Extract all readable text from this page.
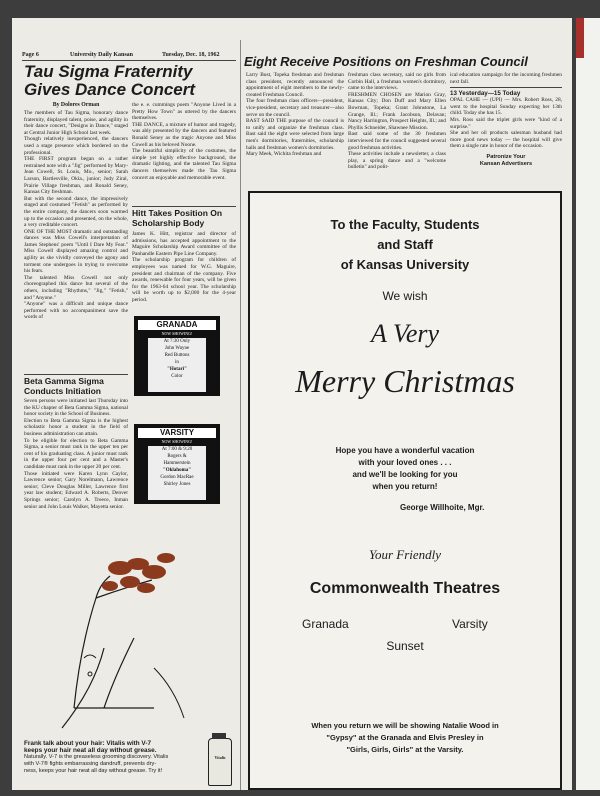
Page 6	University Daily Kansan	Tuesday, Dec. 18, 1962
Tau Sigma Fraternity Gives Dance Concert
By Dolores Orman

The members of Tau Sigma, honorary dance fraternity, displayed talent, poise, and agility in their dance concert, "Designs in Dance," staged at Central Junior High School last week.

Though relatively inexperienced, the dancers used a stage presence which bordered on the professional.

THE FIRST program began on a rather restrained note with a "Jig" performed by Mary-Jean Cowell, St. Louis, Mo., senior; Sarah Larson, Bartlesville, Okla., junior; Judy Ziral, Prairie Village freshman, and Ronald Seney, Kansas City freshman.

But with the second dance, the impressively staged and costumed "Fetish" as performed by the entire company, the dancers soon warmed up to the occasion and presented, on the whole, a very creditable concert.

ONE OF THE MOST dramatic and outstanding dances was Miss Cowell's interpretation of James Stephens' poem "Until I Dare My Fear." Miss Cowell displayed amazing control and agility as she vividly conveyed the agony and torment one undergoes in trying to overcome his fears.

The talented Miss Cowell not only choreographed this dance but several of the others, including "Rhythms," "Jig," "Fetish," and "Anyone."

"Anyone" was a difficult and unique dance performed with no accompaniment save the words of

the e. e. cummings poem "Anyone Lived in a Pretty How Town" as uttered by the dancers themselves.

THE DANCE, a mixture of humor and tragedy, was ably presented by the dancers and featured Ronald Seney as the tragic Anyone and Miss Cowell as his beloved Noone.

The beautiful simplicity of the costumes, the simple yet highly effective background, the dramatic lighting, and the talented Tau Sigma dancers themselves made the Tau Sigma concert an enjoyable and memorable event.

Hitt Takes Position On Scholarship Body

James K. Hitt, registrar and director of admissions, has accepted appointment to the Maguire Scholarship Award committee of the Panhandle Eastern Pipe Line Company.

The scholarship program for children of employees was named for W.G. Maguire, president and chairman of the company. Five awards, renewable for four years, will be given for the 1963-64 school year. The scholarship will be worth up to $2,000 for the 4-year period.

GRANADA
NOW SHOWING!
At 7:30 Only
John Wayne
Red Buttons
in
"Hotari"
Color
VARSITY
NOW SHOWING!
At 7:00 & 9:20
Rogers &
Hammerstein
"Oklahoma"
Gordon MacRae
Shirley Jones
Beta Gamma Sigma Conducts Initiation

Seven persons were initiated last Thursday into the KU chapter of Beta Gamma Sigma, national honor society in the School of Business.

Election to Beta Gamma Sigma is the highest scholastic honor a student in the field of business administration can attain.

To be eligible for election to Beta Gamma Sigma, a senior must rank in the upper ten per cent of his graduating class. A junior must rank in the upper four per cent and a Master's candidate must rank in the upper 20 per cent.

Those initiated were Karen Lynn Caylor, Lawrence senior; Gary Norelmann, Lawrence senior; Cleve Douglas Miller, Lawrence first year law student; Edward A. Roberts, Denver Springs senior; Carolyn A. Treece, Inman senior and John Louis Walker, Mayetta senior.

Frank talk about your hair: Vitalis with V-7
keeps your hair neat all day without grease.
Naturally. V-7 is the greaseless grooming discovery. Vitalis
with V-7® fights embarrassing dandruff, prevents dry-
ness, keeps your hair neat all day without grease. Try it!
Vitalis
Eight Receive Positions on Freshman Council

Larry Bust, Topeka freshman and freshman class president, recently announced the appointment of eight members to the newly-created Freshman Council.

The four freshman class officers—president, vice-president, secretary and treasurer—also serve on the council.

BAST SAID THE purpose of the council is to unify and organize the freshman class. Bast said the eight were selected from large men's dormitories, fraternities, scholarship halls and freshman women's dormitories.

Mary Meek, Wichita freshman and

freshman class secretary, said no girls from Corbin Hall, a freshman women's dormitory, came to the interviews.

FRESHMEN CHOSEN are Marion Gray, Kansas City; Don Duff and Mary Ellen Bowman, Topeka; Grant Johnstone, La Grange, Ill.; Frank Jacobson, Delavan; Nancy Harrington, Prospect Heights, Ill.; and Phyllis Schneider, Shawnee Mission.

Bast said some of the 30 freshmen interviewed for the council suggested several good freshman activities.

These activities include a newsletter, a class play, a spring dance and a "welcome bulletin" and polit-

ical education campaign for the incoming freshmen next fall.

13 Yesterday—15 Today

OPAL CAHE — (UPI) — Mrs. Robert Ross, 28, went to the hospital Sunday expecting her 13th child. Today she has 15.

Mrs. Ross said the triplet girls were "kind of a surprise."

She and her oil products salesman husband had more good news today — the hospital will give them a single rate in honor of the occasion.

Patronize Your
Kansan Advertisers
To the Faculty, Students
and Staff
of Kansas University
We wish
A Very
Merry Christmas
Hope you have a wonderful vacation
with your loved ones . . .
and we'll be looking for you
when you return!
George Willhoite, Mgr.
Your Friendly
Commonwealth Theatres
Granada	Varsity
Sunset
When you return we will be showing Natalie Wood in
"Gypsy" at the Granada and Elvis Presley in
"Girls, Girls, Girls" at the Varsity.
